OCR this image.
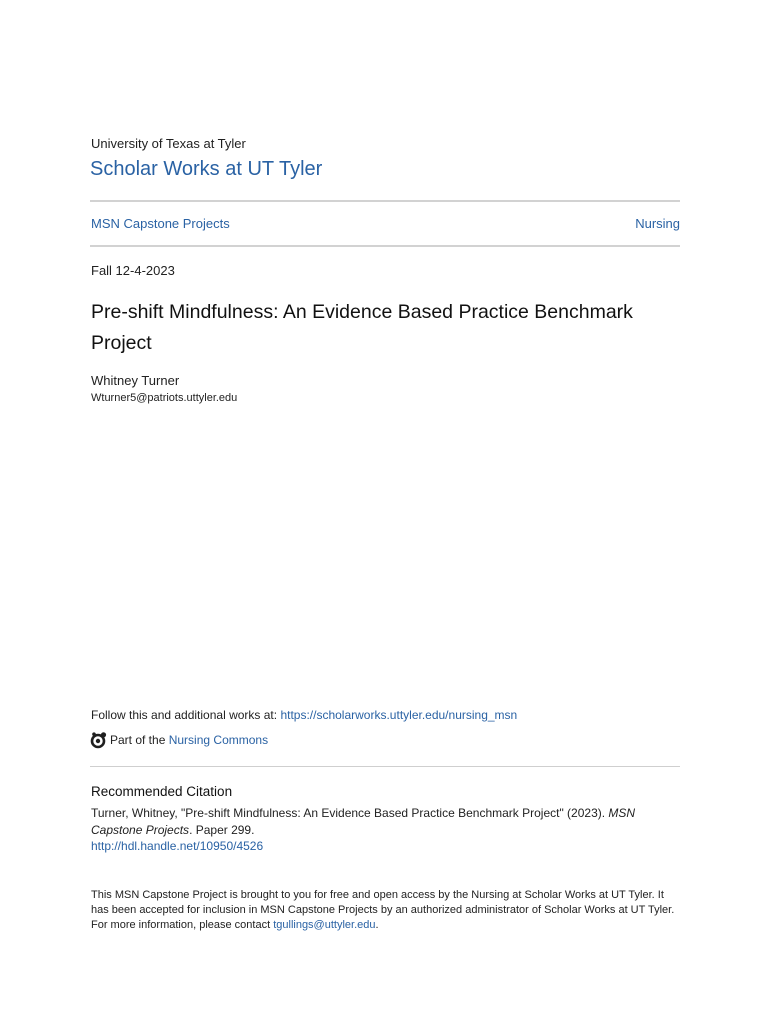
University of Texas at Tyler
Scholar Works at UT Tyler
MSN Capstone Projects	Nursing
Fall 12-4-2023
Pre-shift Mindfulness: An Evidence Based Practice Benchmark Project
Whitney Turner
Wturner5@patriots.uttyler.edu
Follow this and additional works at: https://scholarworks.uttyler.edu/nursing_msn
Part of the
Nursing Commons
Recommended Citation
Turner, Whitney, "Pre-shift Mindfulness: An Evidence Based Practice Benchmark Project" (2023). MSN Capstone Projects. Paper 299.
http://hdl.handle.net/10950/4526
This MSN Capstone Project is brought to you for free and open access by the Nursing at Scholar Works at UT Tyler. It has been accepted for inclusion in MSN Capstone Projects by an authorized administrator of Scholar Works at UT Tyler. For more information, please contact tgullings@uttyler.edu.
